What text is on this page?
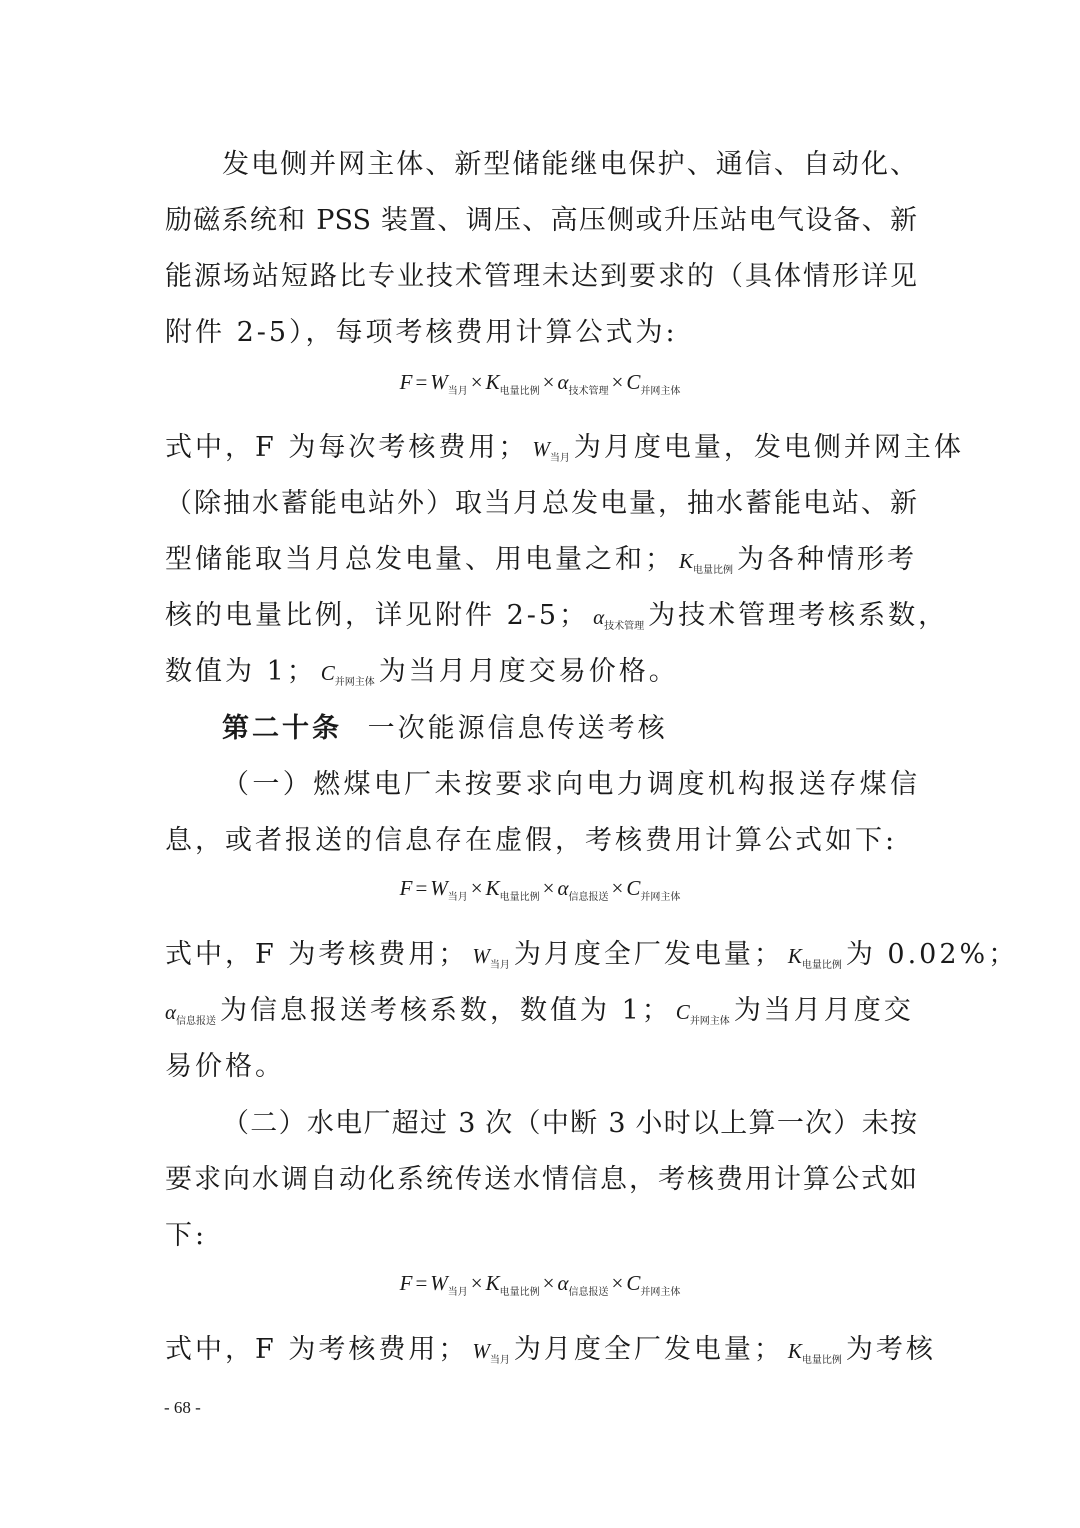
发电侧并网主体、新型储能继电保护、通信、自动化、
励磁系统和 PSS 装置、调压、高压侧或升压站电气设备、新
能源场站短路比专业技术管理未达到要求的（具体情形详见
附件 2-5），每项考核费用计算公式为:
$F = W_{当月} \times K_{电量比例} \times \alpha_{技术管理} \times C_{并网主体}$
式中，F 为每次考核费用； $W_{当月}$ 为月度电量，发电侧并网主体
（除抽水蓄能电站外）取当月总发电量，抽水蓄能电站、新
型储能取当月总发电量、用电量之和； $K_{电量比例}$ 为各种情形考
核的电量比例，详见附件 2-5； $\alpha_{技术管理}$ 为技术管理考核系数，
数值为 1； $C_{并网主体}$ 为当月月度交易价格。
第二十条 一次能源信息传送考核
（一）燃煤电厂未按要求向电力调度机构报送存煤信
息，或者报送的信息存在虚假，考核费用计算公式如下:
$F = W_{当月} \times K_{电量比例} \times \alpha_{信息报送} \times C_{并网主体}$
式中，F 为考核费用； $W_{当月}$ 为月度全厂发电量； $K_{电量比例}$ 为 0.02%；
$\alpha_{信息报送}$ 为信息报送考核系数，数值为 1； $C_{并网主体}$ 为当月月度交
易价格。
（二）水电厂超过 3 次（中断 3 小时以上算一次）未按
要求向水调自动化系统传送水情信息，考核费用计算公式如
下:
$F = W_{当月} \times K_{电量比例} \times \alpha_{信息报送} \times C_{并网主体}$
式中，F 为考核费用； $W_{当月}$ 为月度全厂发电量； $K_{电量比例}$ 为考核
- 68 -
